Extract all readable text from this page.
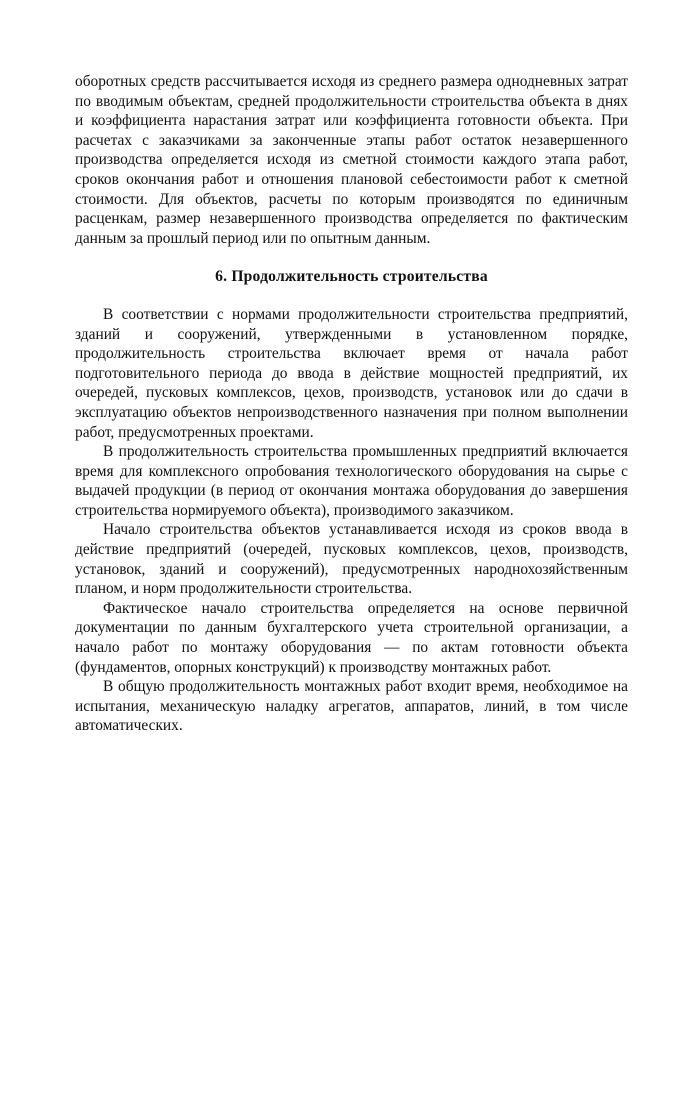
оборотных средств рассчитывается исходя из среднего размера однодневных затрат по вводимым объектам, средней продолжительности строительства объекта в днях и коэффициента нарастания затрат или коэффициента готовности объекта. При расчетах с заказчиками за законченные этапы работ остаток незавершенного производства определяется исходя из сметной стоимости каждого этапа работ, сроков окончания работ и отношения плановой себестоимости работ к сметной стоимости. Для объектов, расчеты по которым производятся по единичным расценкам, размер незавершенного производства определяется по фактическим данным за прошлый период или по опытным данным.

6. Продолжительность строительства

В соответствии с нормами продолжительности строительства предприятий, зданий и сооружений, утвержденными в установленном порядке, продолжительность строительства включает время от начала работ подготовительного периода до ввода в действие мощностей предприятий, их очередей, пусковых комплексов, цехов, производств, установок или до сдачи в эксплуатацию объектов непроизводственного назначения при полном выполнении работ, предусмотренных проектами.

В продолжительность строительства промышленных предприятий включается время для комплексного опробования технологического оборудования на сырье с выдачей продукции (в период от окончания монтажа оборудования до завершения строительства нормируемого объекта), производимого заказчиком.

Начало строительства объектов устанавливается исходя из сроков ввода в действие предприятий (очередей, пусковых комплексов, цехов, производств, установок, зданий и сооружений), предусмотренных народнохозяйственным планом, и норм продолжительности строительства.

Фактическое начало строительства определяется на основе первичной документации по данным бухгалтерского учета строительной организации, а начало работ по монтажу оборудования — по актам готовности объекта (фундаментов, опорных конструкций) к производству монтажных работ.

В общую продолжительность монтажных работ входит время, необходимое на испытания, механическую наладку агрегатов, аппаратов, линий, в том числе автоматических.
